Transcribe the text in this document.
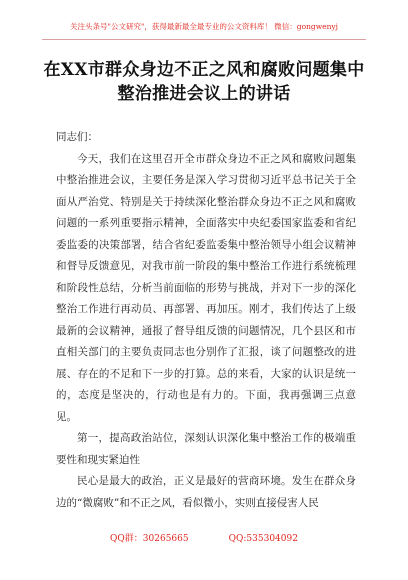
关注头条号"公文研究"，获得最新最全最专业的公文资料库！ 微信：gongwenyj
在XX市群众身边不正之风和腐败问题集中整治推进会议上的讲话

同志们：

今天，我们在这里召开全市群众身边不正之风和腐败问题集中整治推进会议，主要任务是深入学习贯彻习近平总书记关于全面从严治党、特别是关于持续深化整治群众身边不正之风和腐败问题的一系列重要指示精神，全面落实中央纪委国家监委和省纪委监委的决策部署，结合省纪委监委集中整治领导小组会议精神和督导反馈意见，对我市前一阶段的集中整治工作进行系统梳理和阶段性总结，分析当前面临的形势与挑战，并对下一步的深化整治工作进行再动员、再部署、再加压。刚才，我们传达了上级最新的会议精神，通报了督导组反馈的问题情况，几个县区和市直相关部门的主要负责同志也分别作了汇报，谈了问题整改的进展、存在的不足和下一步的打算。总的来看，大家的认识是统一的，态度是坚决的，行动也是有力的。下面，我再强调三点意见。

第一，提高政治站位，深刻认识深化集中整治工作的极端重要性和现实紧迫性

民心是最大的政治，正义是最好的营商环境。发生在群众身边的“微腐败”和不正之风，看似微小，实则直接侵害人民

QQ群：30265665	QQ:535304092
